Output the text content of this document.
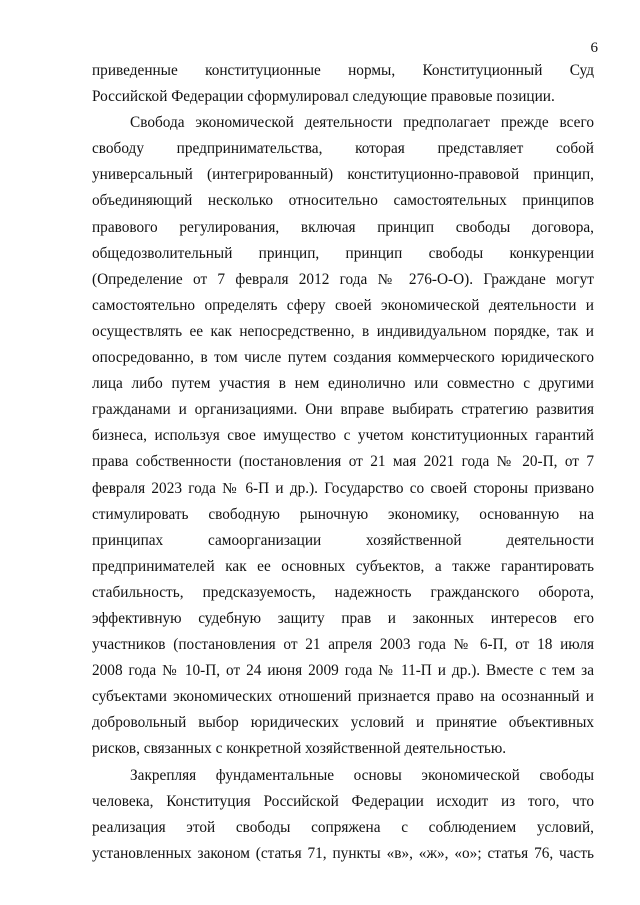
6
приведенные конституционные нормы, Конституционный Суд
Российской Федерации сформулировал следующие правовые позиции.
Свобода экономической деятельности предполагает прежде всего
свободу предпринимательства, которая представляет собой
универсальный (интегрированный) конституционно-правовой принцип,
объединяющий несколько относительно самостоятельных принципов
правового регулирования, включая принцип свободы договора,
общедозволительный принцип, принцип свободы конкуренции
(Определение от 7 февраля 2012 года № 276-О-О). Граждане могут
самостоятельно определять сферу своей экономической деятельности и
осуществлять ее как непосредственно, в индивидуальном порядке, так и
опосредованно, в том числе путем создания коммерческого юридического
лица либо путем участия в нем единолично или совместно с другими
гражданами и организациями. Они вправе выбирать стратегию развития
бизнеса, используя свое имущество с учетом конституционных гарантий
права собственности (постановления от 21 мая 2021 года № 20-П, от 7
февраля 2023 года № 6-П и др.). Государство со своей стороны призвано
стимулировать свободную рыночную экономику, основанную на
принципах самоорганизации хозяйственной деятельности
предпринимателей как ее основных субъектов, а также гарантировать
стабильность, предсказуемость, надежность гражданского оборота,
эффективную судебную защиту прав и законных интересов его
участников (постановления от 21 апреля 2003 года № 6-П, от 18 июля
2008 года № 10-П, от 24 июня 2009 года № 11-П и др.). Вместе с тем за
субъектами экономических отношений признается право на осознанный и
добровольный выбор юридических условий и принятие объективных
рисков, связанных с конкретной хозяйственной деятельностью.
Закрепляя фундаментальные основы экономической свободы
человека, Конституция Российской Федерации исходит из того, что
реализация этой свободы сопряжена с соблюдением условий,
установленных законом (статья 71, пункты «в», «ж», «о»; статья 76, часть
